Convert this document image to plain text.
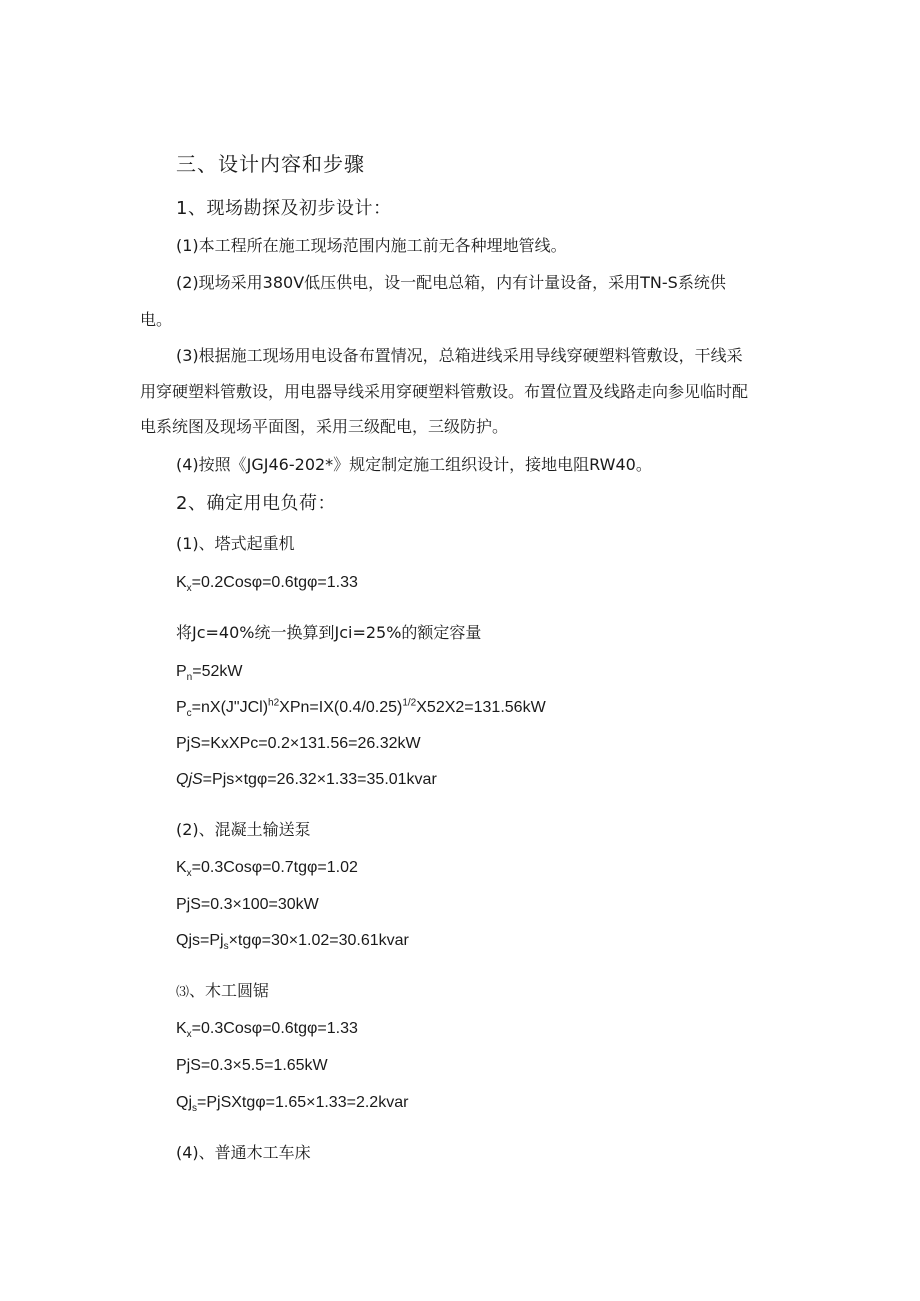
三、设计内容和步骤
1、现场勘探及初步设计：
(1)本工程所在施工现场范围内施工前无各种埋地管线。
(2)现场采用380V低压供电，设一配电总箱，内有计量设备，采用TN-S系统供
电。
(3)根据施工现场用电设备布置情况，总箱进线采用导线穿硬塑料管敷设，干线采
用穿硬塑料管敷设，用电器导线采用穿硬塑料管敷设。布置位置及线路走向参见临时配
电系统图及现场平面图，采用三级配电，三级防护。
(4)按照《JGJ46-202*》规定制定施工组织设计，接地电阻RW40。
2、确定用电负荷：
(1)、塔式起重机
$K_x=0.2Cos\varphi=0.6tg\varphi=1.33$
将Jc=40%统一换算到Jci=25%的额定容量
$P_n=52kW$
$P_c=nX(J"JCl)^{h2}XPn=IX(0.4/0.25)^{1/2}X52X2=131.56kW$
PjS=KxXPc=0.2×131.56=26.32kW
QjS=Pjs×tgφ=26.32×1.33=35.01kvar
(2)、混凝土输送泵
$K_x=0.3Cos\varphi=0.7tg\varphi=1.02$
PjS=0.3×100=30kW
$Qjs=Pj_s\times tg\varphi=30\times 1.02=30.61kvar$
⑶、木工圆锯
$K_x=0.3Cos\varphi=0.6tg\varphi=1.33$
PjS=0.3×5.5=1.65kW
$Qj_s=PjSXtg\varphi=1.65\times 1.33=2.2kvar$
(4)、普通木工车床
